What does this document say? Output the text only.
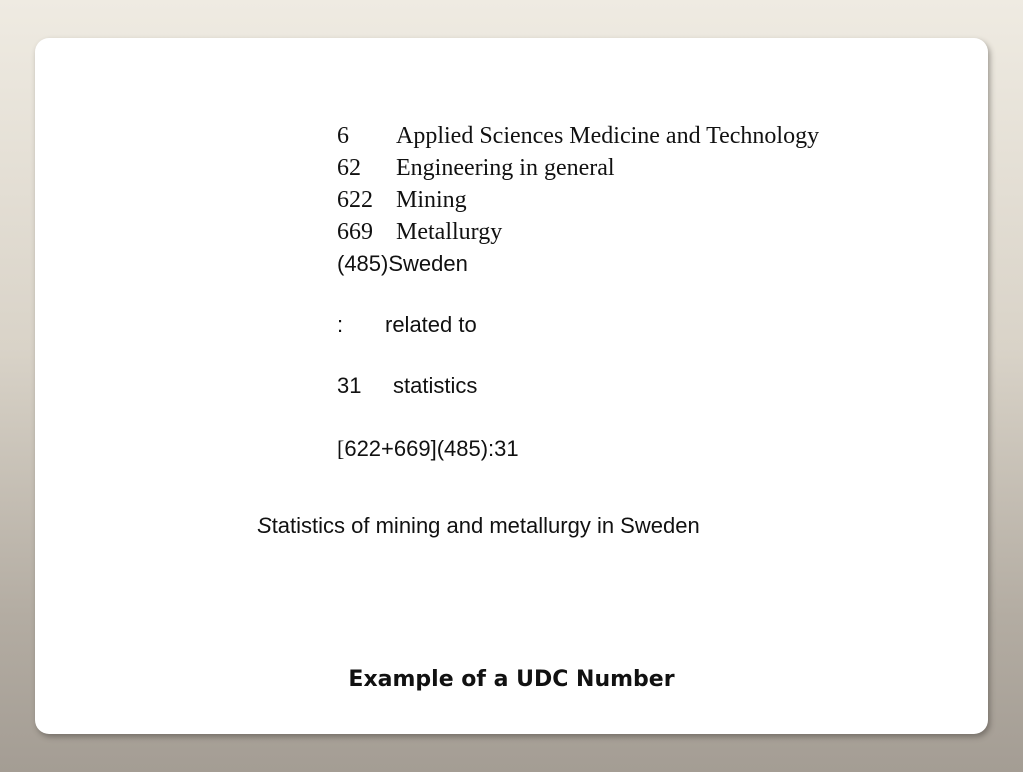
6 Applied Sciences Medicine and Technology
62 Engineering in general
622 Mining
669 Metallurgy
(485)Sweden
: related to
31 statistics
[622+669](485):31
Statistics of mining and metallurgy in Sweden
Example of a UDC Number
